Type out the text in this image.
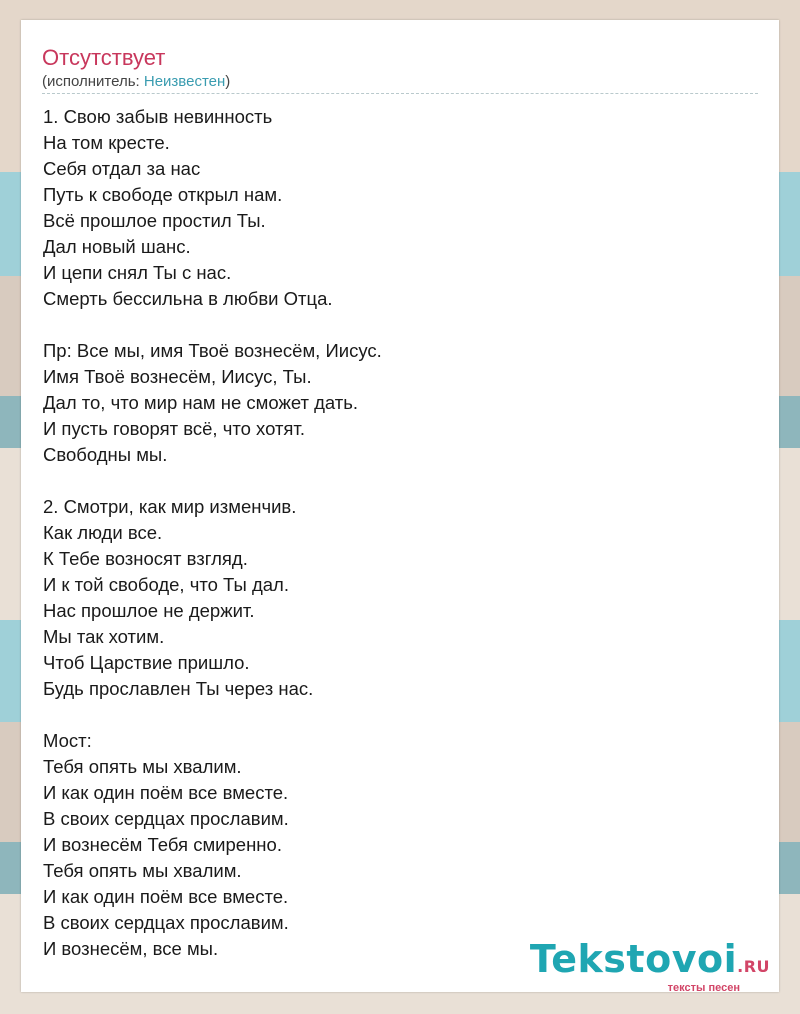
Отсутствует
(исполнитель: Неизвестен)
1. Свою забыв невинность
На том кресте.
Себя отдал за нас
Путь к свободе открыл нам.
Всё прошлое простил Ты.
Дал новый шанс.
И цепи снял Ты с нас.
Смерть бессильна в любви Отца.
Пр: Все мы, имя Твоё вознесём, Иисус.
Имя Твоё вознесём, Иисус, Ты.
Дал то, что мир нам не сможет дать.
И пусть говорят всё, что хотят.
Свободны мы.
2. Смотри, как мир изменчив.
Как люди все.
К Тебе возносят взгляд.
И к той свободе, что Ты дал.
Нас прошлое не держит.
Мы так хотим.
Чтоб Царствие пришло.
Будь прославлен Ты через нас.
Мост:
Тебя опять мы хвалим.
И как один поём все вместе.
В своих сердцах прославим.
И вознесём Тебя смиренно.
Тебя опять мы хвалим.
И как один поём все вместе.
В своих сердцах прославим.
И вознесём, все мы.	Tekstovoi.RU
тексты песен
